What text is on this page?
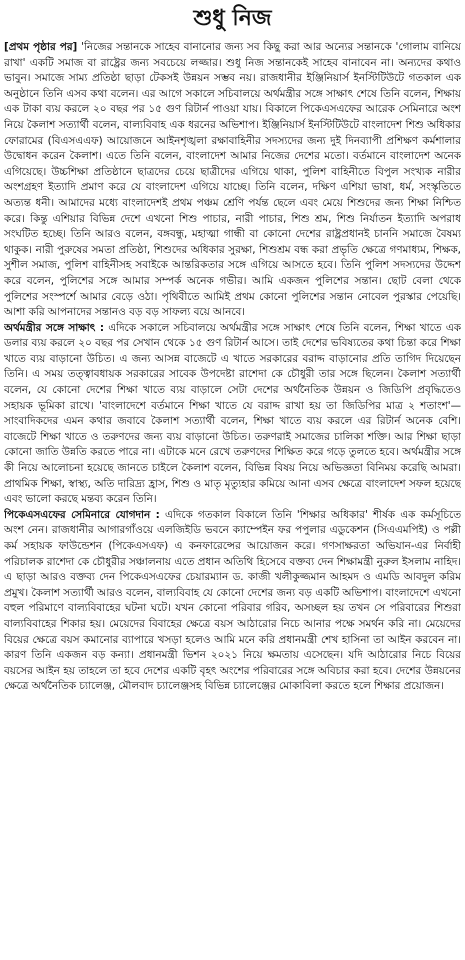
শুধু নিজ

[প্রথম পৃষ্ঠার পর] 'নিজের সন্তানকে সাহেব বানানোর জন্য সব কিছু করা আর অন্যের সন্তানকে 'গোলাম বানিয়ে রাখা' একটি সমাজ বা রাষ্ট্রের জন্য সবচেয়ে লজ্জার। শুধু নিজ সন্তানকেই সাহেব বানাবেন না। অন্যদের কথাও ভাবুন। সমাজে সাম্য প্রতিষ্ঠা ছাড়া টেকসই উন্নয়ন সম্ভব নয়। রাজধানীর ইঞ্জিনিয়ার্স ইনস্টিটিউটে গতকাল এক অনুষ্ঠানে তিনি এসব কথা বলেন। এর আগে সকালে সচিবালয়ে অর্থমন্ত্রীর সঙ্গে সাক্ষাৎ শেষে তিনি বলেন, শিক্ষায় এক টাকা ব্যয় করলে ২০ বছর পর ১৫ গুণ রিটার্ন পাওয়া যায়। বিকালে পিকেএসএফের আরেক সেমিনারে অংশ নিয়ে কৈলাশ সত্যার্থী বলেন, বাল্যবিবাহ এক ধরনের অভিশাপ। ইঞ্জিনিয়ার্স ইনস্টিটিউটে বাংলাদেশ শিশু অধিকার ফোরামের (বিএসএএফ) আয়োজনে আইনশৃঙ্খলা রক্ষাবাহিনীর সদস্যদের জন্য দুই দিনব্যাপী প্রশিক্ষণ কর্মশালার উদ্বোধন করেন কৈলাশ। এতে তিনি বলেন, বাংলাদেশ আমার নিজের দেশের মতো। বর্তমানে বাংলাদেশ অনেক এগিয়েছে। উচ্চশিক্ষা প্রতিষ্ঠানে ছাত্রদের চেয়ে ছাত্রীদের এগিয়ে থাকা, পুলিশ বাহিনীতে বিপুল সংখ্যক নারীর অংশগ্রহণ ইত্যাদি প্রমাণ করে যে বাংলাদেশ এগিয়ে যাচ্ছে। তিনি বলেন, দক্ষিণ এশিয়া ভাষা, ধর্ম, সংস্কৃতিতে অত্যন্ত ধনী। আমাদের মধ্যে বাংলাদেশই প্রথম পঞ্চম শ্রেণি পর্যন্ত ছেলে এবং মেয়ে শিশুদের জন্য শিক্ষা নিশ্চিত করে। কিন্তু এশিয়ার বিভিন্ন দেশে এখনো শিশু পাচার, নারী পাচার, শিশু শ্রম, শিশু নির্যাতন ইত্যাদি অপরাধ সংঘটিত হচ্ছে। তিনি আরও বলেন, বঙ্গবন্ধু, মহাত্মা গান্ধী বা কোনো দেশের রাষ্ট্রপ্রধানই চাননি সমাজে বৈষম্য থাকুক। নারী পুরুষের সমতা প্রতিষ্ঠা, শিশুদের অধিকার সুরক্ষা, শিশুশ্রম বন্ধ করা প্রভৃতি ক্ষেত্রে গণমাধ্যম, শিক্ষক, সুশীল সমাজ, পুলিশ বাহিনীসহ সবাইকে আন্তরিকতার সঙ্গে এগিয়ে আসতে হবে। তিনি পুলিশ সদস্যদের উদ্দেশ করে বলেন, পুলিশের সঙ্গে আমার সম্পর্ক অনেক গভীর। আমি একজন পুলিশের সন্তান। ছোট বেলা থেকে পুলিশের সংস্পর্শে আমার বেড়ে ওঠা। পৃথিবীতে আমিই প্রথম কোনো পুলিশের সন্তান নোবেল পুরস্কার পেয়েছি। আশা করি আপনাদের সন্তানও বড় বড় সাফল্য বয়ে আনবে।

অর্থমন্ত্রীর সঙ্গে সাক্ষাৎ : এদিকে সকালে সচিবালয়ে অর্থমন্ত্রীর সঙ্গে সাক্ষাৎ শেষে তিনি বলেন, শিক্ষা খাতে এক ডলার ব্যয় করলে ২০ বছর পর সেখান থেকে ১৫ গুণ রিটার্ন আসে। তাই দেশের ভবিষ্যতের কথা চিন্তা করে শিক্ষা খাতে ব্যয় বাড়ানো উচিত। এ জন্য আসন্ন বাজেটে এ খাতে সরকারের বরাদ্দ বাড়ানোর প্রতি তাগিদ দিয়েছেন তিনি। এ সময় তত্ত্বাবধায়ক সরকারের সাবেক উপদেষ্টা রাশেদা কে চৌধুরী তার সঙ্গে ছিলেন। কৈলাশ সত্যার্থী বলেন, যে কোনো দেশের শিক্ষা খাতে ব্যয় বাড়ালে সেটা দেশের অর্থনৈতিক উন্নয়ন ও জিডিপি প্রবৃদ্ধিতেও সহায়ক ভূমিকা রাখে। 'বাংলাদেশে বর্তমানে শিক্ষা খাতে যে বরাদ্দ রাখা হয় তা জিডিপির মাত্র ২ শতাংশ'—সাংবাদিকদের এমন কথার জবাবে কৈলাশ সত্যার্থী বলেন, শিক্ষা খাতে ব্যয় করলে এর রিটার্ন অনেক বেশি। বাজেটে শিক্ষা খাতে ও তরুণদের জন্য ব্যয় বাড়ানো উচিত। তরুণরাই সমাজের চালিকা শক্তি। আর শিক্ষা ছাড়া কোনো জাতি উন্নতি করতে পারে না। এটাকে মনে রেখে তরুণদের শিক্ষিত করে গড়ে তুলতে হবে। অর্থমন্ত্রীর সঙ্গে কী নিয়ে আলোচনা হয়েছে জানতে চাইলে কৈলাশ বলেন, বিভিন্ন বিষয় নিয়ে অভিজ্ঞতা বিনিময় করেছি আমরা। প্রাথমিক শিক্ষা, স্বাস্থ্য, অতি দারিদ্র্য হ্রাস, শিশু ও মাতৃ মৃত্যুহার কমিয়ে আনা এসব ক্ষেত্রে বাংলাদেশ সফল হয়েছে এবং ভালো করছে মন্তব্য করেন তিনি।

পিকেএসএফের সেমিনারে যোগদান : এদিকে গতকাল বিকালে তিনি 'শিক্ষার অধিকার' শীর্ষক এক কর্মসূচিতে অংশ নেন। রাজধানীর আগারগাঁওয়ে এলজিইডি ভবনে ক্যাম্পেইন ফর পপুলার এডুকেশন (সিএএমপিই) ও পল্লী কর্ম সহায়ক ফাউন্ডেশন (পিকেএসএফ) এ কনফারেন্সের আয়োজন করে। গণসাক্ষরতা অভিযান-এর নির্বাহী পরিচালক রাশেদা কে চৌধুরীর সঞ্চালনায় এতে প্রধান অতিথি হিসেবে বক্তব্য দেন শিক্ষামন্ত্রী নুরুল ইসলাম নাহিদ। এ ছাড়া আরও বক্তব্য দেন পিকেএসএফের চেয়ারম্যান ড. কাজী খলীকুজ্জমান আহমদ ও এমডি আবদুল করিম প্রমুখ। কৈলাশ সত্যার্থী আরও বলেন, বাল্যবিবাহ যে কোনো দেশের জন্য বড় একটি অভিশাপ। বাংলাদেশে এখনো বহুল পরিমাণে বাল্যবিবাহের ঘটনা ঘটে। যখন কোনো পরিবার গরিব, অসচ্ছল হয় তখন সে পরিবারের শিশুরা বাল্যবিবাহের শিকার হয়। মেয়েদের বিবাহের ক্ষেত্রে বয়স আঠারোর নিচে আনার পক্ষে সমর্থন করি না। মেয়েদের বিয়ের ক্ষেত্রে বয়স কমানোর ব্যাপারে খসড়া হলেও আমি মনে করি প্রধানমন্ত্রী শেখ হাসিনা তা আইন করবেন না। কারণ তিনি একজন বড় কন্যা। প্রধানমন্ত্রী ভিশন ২০২১ নিয়ে ক্ষমতায় এসেছেন। যদি আঠারোর নিচে বিয়ের বয়সের আইন হয় তাহলে তা হবে দেশের একটি বৃহৎ অংশের পরিবারের সঙ্গে অবিচার করা হবে। দেশের উন্নয়নের ক্ষেত্রে অর্থনৈতিক চ্যালেঞ্জ, মৌলবাদ চ্যালেঞ্জসহ বিভিন্ন চ্যালেঞ্জের মোকাবিলা করতে হলে শিক্ষার প্রয়োজন।
